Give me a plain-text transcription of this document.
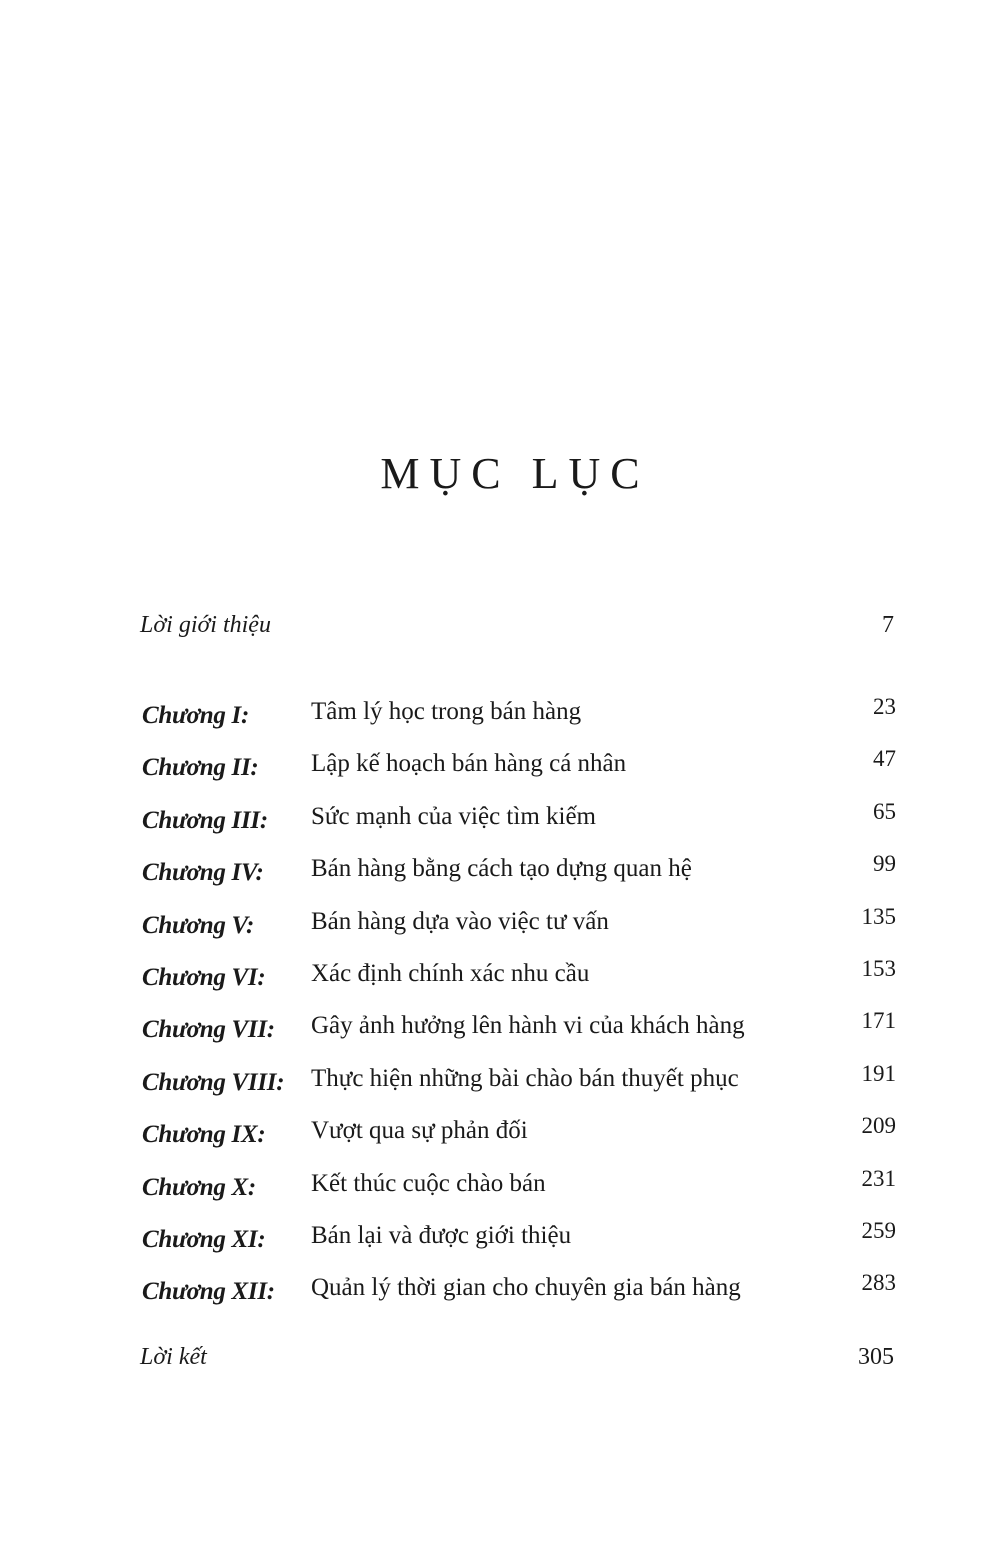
MỤC LỤC
Lời giới thiệu	7
Chương I: Tâm lý học trong bán hàng	23
Chương II: Lập kế hoạch bán hàng cá nhân	47
Chương III: Sức mạnh của việc tìm kiếm	65
Chương IV: Bán hàng bằng cách tạo dựng quan hệ	99
Chương V: Bán hàng dựa vào việc tư vấn	135
Chương VI: Xác định chính xác nhu cầu	153
Chương VII: Gây ảnh hưởng lên hành vi của khách hàng	171
Chương VIII: Thực hiện những bài chào bán thuyết phục	191
Chương IX: Vượt qua sự phản đối	209
Chương X: Kết thúc cuộc chào bán	231
Chương XI: Bán lại và được giới thiệu	259
Chương XII: Quản lý thời gian cho chuyên gia bán hàng	283
Lời kết	305
